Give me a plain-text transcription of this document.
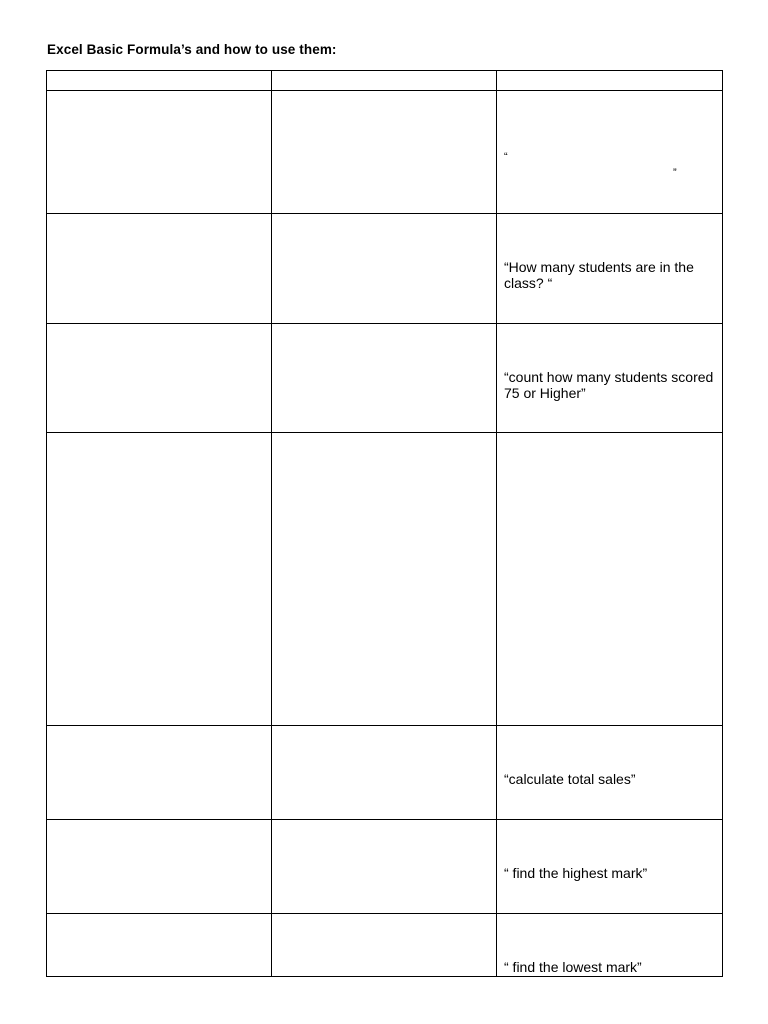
Excel Basic Formula’s and how to use them:

		“
”

		“How many students are in the class? “

		“count how many students scored 75 or Higher”

		“calculate total sales”

		“ find the highest mark”

		“ find the lowest mark”
